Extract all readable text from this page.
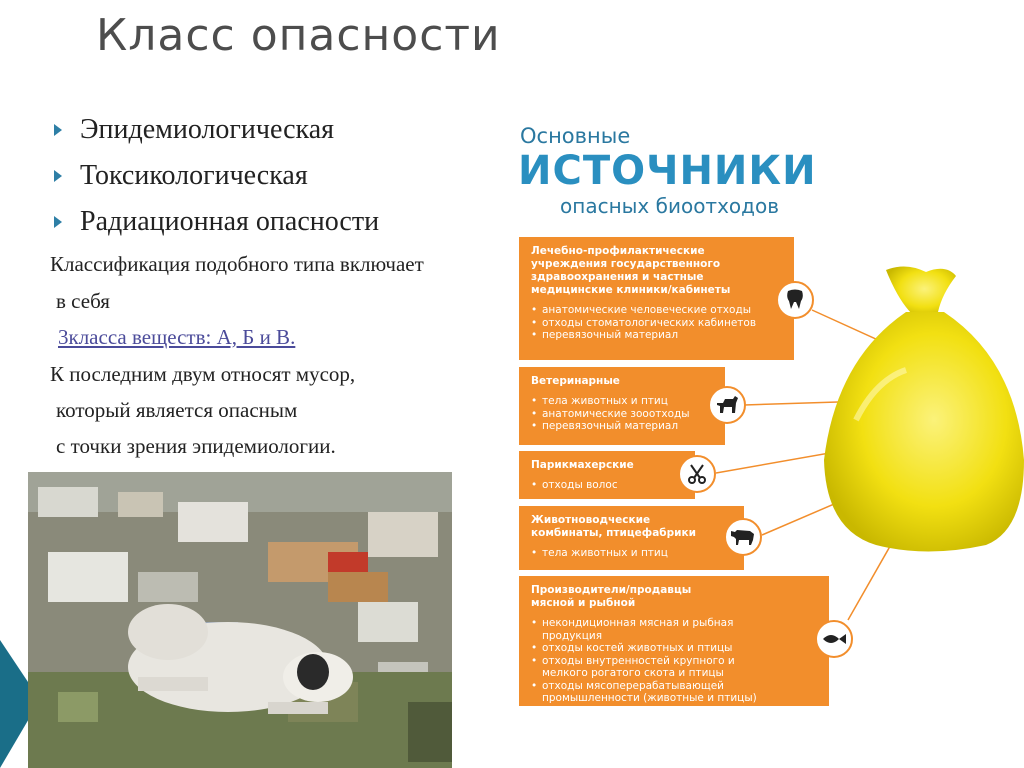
Класс опасности
Эпидемиологическая
Токсикологическая
Радиационная опасности
Классификация подобного типа включает
в себя
3класса веществ: А, Б и В.
К последним двум относят мусор,
который является опасным
с точки зрения эпидемиологии.
Основные
ИСТОЧНИКИ
опасных биоотходов
Лечебно-профилактические учреждения государственного здравоохранения и частные медицинские клиники/кабинеты
• анатомические человеческие отходы
• отходы стоматологических кабинетов
• перевязочный материал
Ветеринарные
• тела животных и птиц
• анатомические зооотходы
• перевязочный материал
Парикмахерские
• отходы волос
Животноводческие комбинаты, птицефабрики
• тела животных и птиц
Производители/продавцы мясной и рыбной
• некондиционная мясная и рыбная продукция
• отходы костей животных и птицы
• отходы внутренностей крупного и мелкого рогатого скота и птицы
• отходы мясоперерабатывающей промышленности (животные и птицы)
